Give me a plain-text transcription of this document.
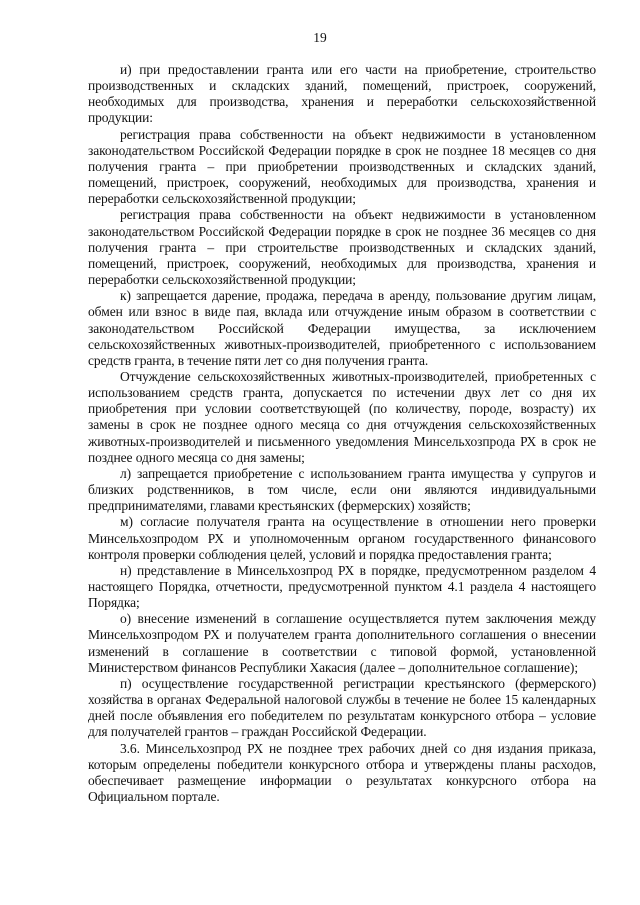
19

и) при предоставлении гранта или его части на приобретение, строительство производственных и складских зданий, помещений, пристроек, сооружений, необходимых для производства, хранения и переработки сельскохозяйственной продукции:

регистрация права собственности на объект недвижимости в установленном законодательством Российской Федерации порядке в срок не позднее 18 месяцев со дня получения гранта – при приобретении производственных и складских зданий, помещений, пристроек, сооружений, необходимых для производства, хранения и переработки сельскохозяйственной продукции;

регистрация права собственности на объект недвижимости в установленном законодательством Российской Федерации порядке в срок не позднее 36 месяцев со дня получения гранта – при строительстве производственных и складских зданий, помещений, пристроек, сооружений, необходимых для производства, хранения и переработки сельскохозяйственной продукции;

к) запрещается дарение, продажа, передача в аренду, пользование другим лицам, обмен или взнос в виде пая, вклада или отчуждение иным образом в соответствии с законодательством Российской Федерации имущества, за исключением сельскохозяйственных животных-производителей, приобретенного с использованием средств гранта, в течение пяти лет со дня получения гранта.

Отчуждение сельскохозяйственных животных-производителей, приобретенных с использованием средств гранта, допускается по истечении двух лет со дня их приобретения при условии соответствующей (по количеству, породе, возрасту) их замены в срок не позднее одного месяца со дня отчуждения сельскохозяйственных животных-производителей и письменного уведомления Минсельхозпрода РХ в срок не позднее одного месяца со дня замены;

л) запрещается приобретение с использованием гранта имущества у супругов и близких родственников, в том числе, если они являются индивидуальными предпринимателями, главами крестьянских (фермерских) хозяйств;

м) согласие получателя гранта на осуществление в отношении него проверки Минсельхозпродом РХ и уполномоченным органом государственного финансового контроля проверки соблюдения целей, условий и порядка предоставления гранта;

н) представление в Минсельхозпрод РХ в порядке, предусмотренном разделом 4 настоящего Порядка, отчетности, предусмотренной пунктом 4.1 раздела 4 настоящего Порядка;

о) внесение изменений в соглашение осуществляется путем заключения между Минсельхозпродом РХ и получателем гранта дополнительного соглашения о внесении изменений в соглашение в соответствии с типовой формой, установленной Министерством финансов Республики Хакасия (далее – дополнительное соглашение);

п) осуществление государственной регистрации крестьянского (фермерского) хозяйства в органах Федеральной налоговой службы в течение не более 15 календарных дней после объявления его победителем по результатам конкурсного отбора – условие для получателей грантов – граждан Российской Федерации.

3.6. Минсельхозпрод РХ не позднее трех рабочих дней со дня издания приказа, которым определены победители конкурсного отбора и утверждены планы расходов, обеспечивает размещение информации о результатах конкурсного отбора на Официальном портале.
